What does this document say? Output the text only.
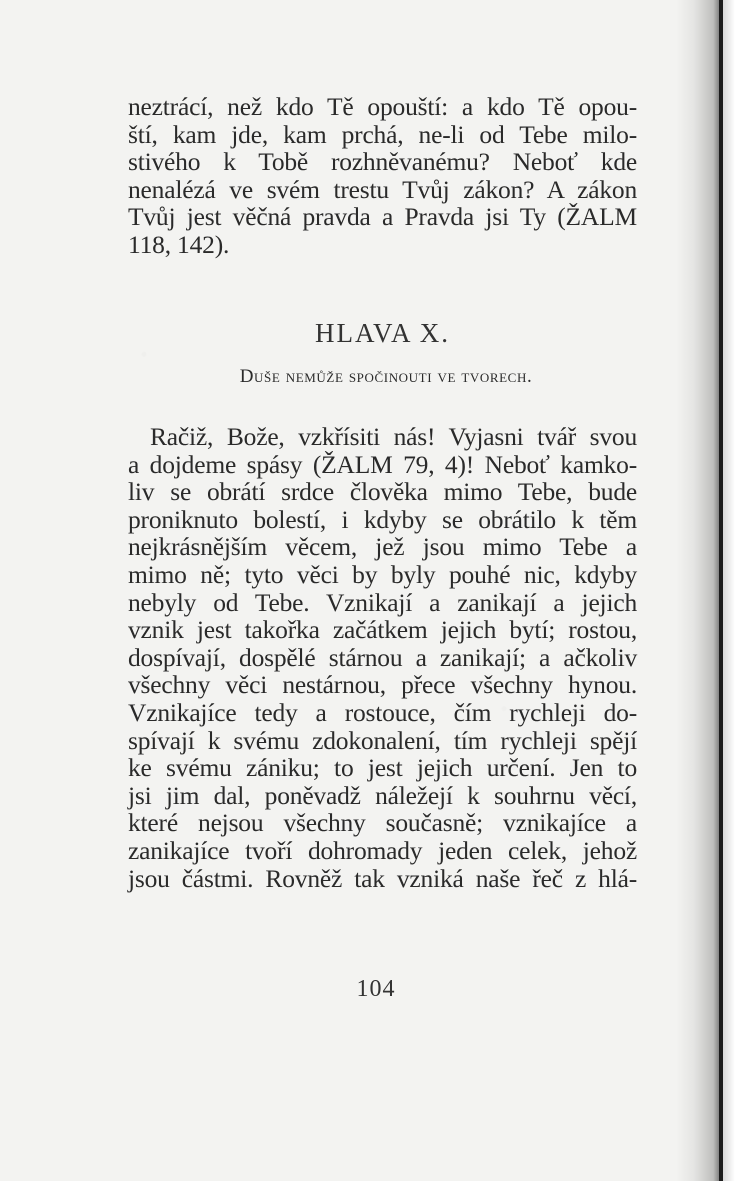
neztrácí, než kdo Tě opouští: a kdo Tě opou-
ští, kam jde, kam prchá, ne-li od Tebe milo-
stivého k Tobě rozhněvanému? Neboť kde
nenalézá ve svém trestu Tvůj zákon? A zákon
Tvůj jest věčná pravda a Pravda jsi Ty (ŽALM
118, 142).
HLAVA X.
Duše nemůže spočinouti ve tvorech.
Račiž, Bože, vzkřísiti nás! Vyjasni tvář svou
a dojdeme spásy (ŽALM 79, 4)! Neboť kamko-
liv se obrátí srdce člověka mimo Tebe, bude
proniknuto bolestí, i kdyby se obrátilo k těm
nejkrásnějším věcem, jež jsou mimo Tebe a
mimo ně; tyto věci by byly pouhé nic, kdyby
nebyly od Tebe. Vznikají a zanikají a jejich
vznik jest takořka začátkem jejich bytí; rostou,
dospívají, dospělé stárnou a zanikají; a ačkoliv
všechny věci nestárnou, přece všechny hynou.
Vznikajíce tedy a rostouce, čím rychleji do-
spívají k svému zdokonalení, tím rychleji spějí
ke svému zániku; to jest jejich určení. Jen to
jsi jim dal, poněvadž náležejí k souhrnu věcí,
které nejsou všechny současně; vznikajíce a
zanikajíce tvoří dohromady jeden celek, jehož
jsou částmi. Rovněž tak vzniká naše řeč z hlá-
104
